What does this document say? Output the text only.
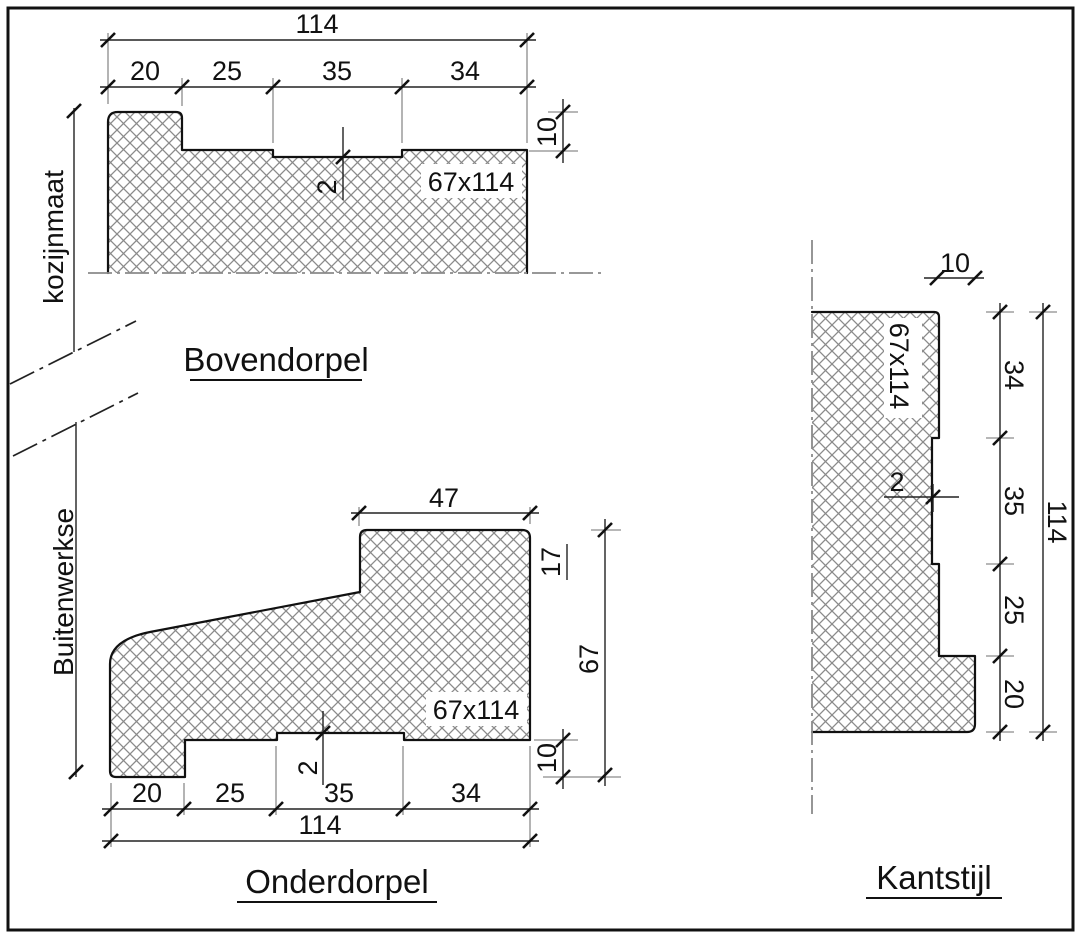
67x114
114
20 25	35	34
10
2
Bovendorpel
kozijnmaat
Buitenwerkse
67x114
47
17
67
10
2
20 25	35	34
114
Onderdorpel
67x114
10
2
34
35
25
20
114
Kantstijl
